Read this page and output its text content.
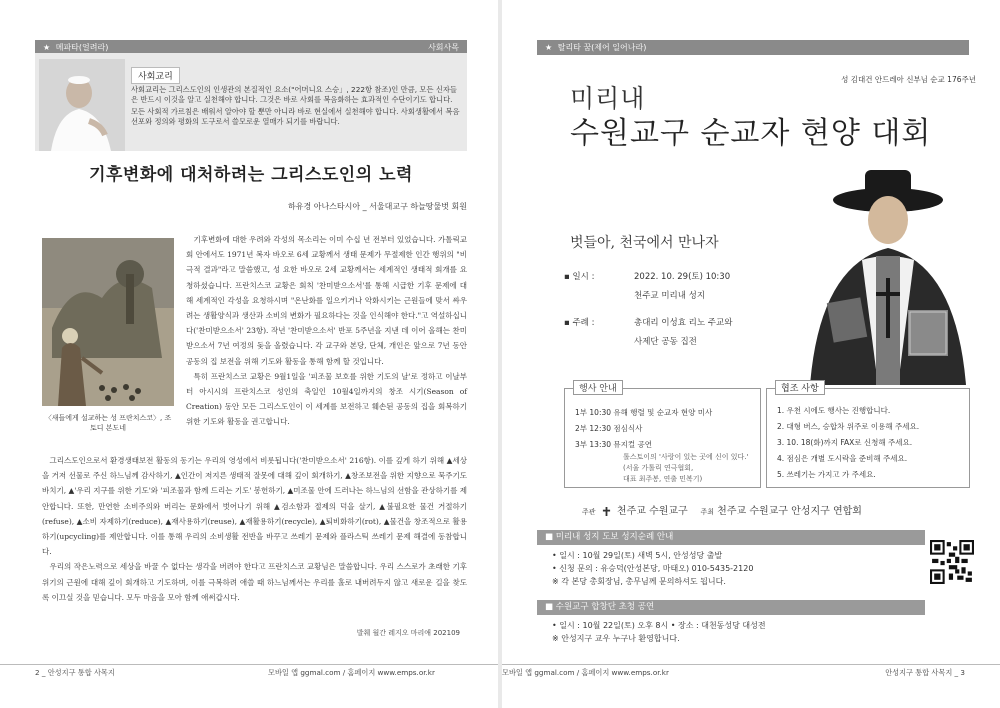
★ 메파타(얼려라)	사회사목
사회교리

사회교리는 그리스도인의 인생관의 본질적인 요소("어머니요 스승」, 222항 참조)인 만큼, 모든 신자들은 반드시 이것을 알고 실천해야 합니다. 그것은 바로 사회를 복음화하는 효과적인 수단이기도 합니다.

모든 사회적 가르침은 배워서 알아야 할 뿐만 아니라 바로 현실에서 실천해야 합니다. 사회생활에서 복음 선포와 정의와 평화의 도구로서 쓸모로운 열매가 되기를 바랍니다.

기후변화에 대처하려는 그리스도인의 노력
하유경 아나스타시아 _ 서울대교구 하늘땅물벗 회원
〈새들에게 설교하는 성 프란치스코〉, 조토디 본도네

기후변화에 대한 우려와 각성의 목소리는 이미 수십 년 전부터 있었습니다. 가톨릭교회 안에서도 1971년 복자 바오로 6세 교황께서 생태 문제가 무절제한 인간 행위의 "비극적 결과"라고 말씀했고, 성 요한 바오로 2세 교황께서는 세계적인 생태적 회개를 요청하셨습니다. 프란치스코 교황은 회칙 '찬미받으소서'를 통해 시급한 기후 문제에 대해 세계적인 각성을 요청하시며 "온난화를 일으키거나 악화시키는 근원들에 맞서 싸우려는 생활양식과 생산과 소비의 변화가 필요하다는 것을 인식해야 한다."고 역설하십니다('찬미받으소서' 23항). 작년 '찬미받으소서' 반포 5주년을 지낸 데 이어 올해는 찬미받으소서 7년 여정의 돛을 올렸습니다. 각 교구와 본당, 단체, 개인은 앞으로 7년 동안 공동의 집 보전을 위해 기도와 활동을 통해 함께 할 것입니다.

특히 프란치스코 교황은 9월1일을 '피조물 보호를 위한 기도의 날'로 정하고 이날부터 아시시의 프란치스코 성인의 축일인 10월4일까지의 창조 시기(Season of Creation) 동안 모든 그리스도인이 이 세계를 보전하고 훼손된 공동의 집을 회복하기 위한 기도와 활동을 권고합니다.

그리스도인으로서 환경생태보전 활동의 동기는 우리의 영성에서 비롯됩니다('찬미받으소서' 216항). 이를 깊게 하기 위해 ▲세상을 거저 선물로 주신 하느님께 감사하기, ▲인간이 저지른 생태적 잘못에 대해 깊이 회개하기, ▲창조보전을 위한 지향으로 묵주기도 바치기, ▲'우리 지구를 위한 기도'와 '피조물과 함께 드리는 기도' 봉헌하기, ▲미조물 안에 드러나는 하느님의 선함을 관상하기를 제안합니다. 또한, 만연한 소비주의와 버리는 문화에서 벗어나기 위해 ▲검소함과 절제의 덕을 살기, ▲불필요한 물건 거절하기(refuse), ▲소비 자제하기(reduce), ▲재사용하기(reuse), ▲재활용하기(recycle), ▲퇴비화하기(rot), ▲물건을 창조적으로 활용하기(upcycling)를 제안합니다. 이를 통해 우리의 소비생활 전반을 바꾸고 쓰레기 문제와 플라스틱 쓰레기 문제 해결에 동참합니다.

우리의 작은노력으로 세상을 바꿀 수 없다는 생각을 버려야 한다고 프란치스코 교황님은 말씀합니다. 우리 스스로가 초래한 기후 위기의 근원에 대해 깊이 회개하고 기도하며, 이를 극복하려 애쓸 때 하느님께서는 우리를 홀로 내버려두지 않고 새로운 길을 찾도록 이끄실 것을 믿습니다. 모두 마음을 모아 함께 애써갑시다.

발췌 월간 레지오 마리애 202109
2 _ 안성지구 통합 사목지	모바일 앱 ggmal.com / 홈페이지 www.emps.or.kr
★ 탈리타 꿈(제어 일어나라)
성 김대건 안드레아 신부님 순교 176주년
미리내
수원교구 순교자 현양 대회
벗들아, 천국에서 만나자
▪ 일시 :	2022. 10. 29(토) 10:30
천주교 미리내 성지
▪ 주례 :	총대리 이성효 리노 주교와
사제단 공동 집전
행사 안내
1부 10:30 유해 행렬 및 순교자 현양 미사
2부 12:30 점심식사
3부 13:30 뮤지컬 공연
톨스토이의 '사랑이 있는 곳에 신이 있다.'
(서울 가톨릭 연극협회,
대표 최주봉, 연출 민복기)
협조 사항
1. 우천 시에도 행사는 진행합니다.
2. 대형 버스, 승합차 위주로 이용해 주세요.
3. 10. 18(화)까지 FAX로 신청해 주세요.
4. 점심은 개별 도시락을 준비해 주세요.
5. 쓰레기는 가지고 가 주세요.
주관 천주교 수원교구 주최 천주교 수원교구 안성지구 연합회
■ 미리내 성지 도보 성지순례 안내
• 일시 : 10월 29일(토) 새벽 5시, 안성성당 출발
• 신청 문의 : 유승덕(안성본당, 마태오) 010-5435-2120
※ 각 본당 총회장님, 총무님께 문의하셔도 됩니다.
■ 수원교구 합창단 초청 공연
• 일시 : 10월 22일(토) 오후 8시 • 장소 : 대천동성당 대성전
※ 안성지구 교우 누구나 환영합니다.
모바일 앱 ggmal.com / 홈페이지 www.emps.or.kr	안성지구 통합 사목지 _ 3
